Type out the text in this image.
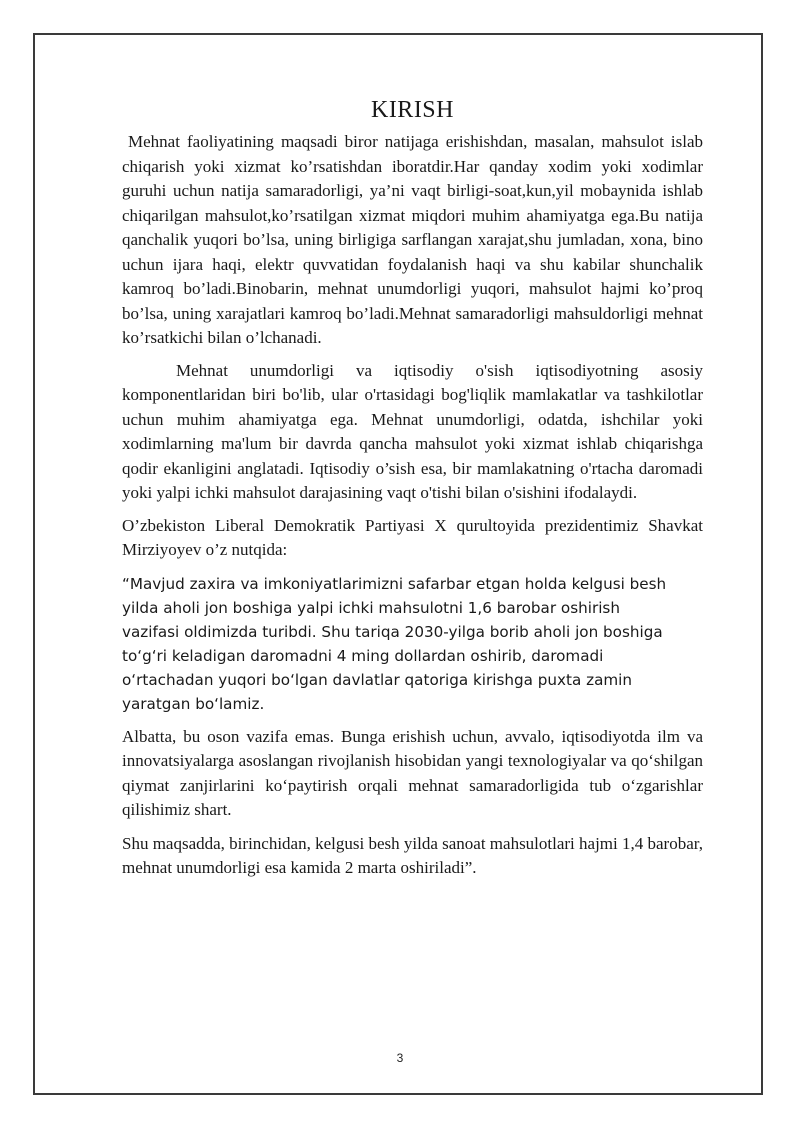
KIRISH

Mehnat faoliyatining maqsadi biror natijaga erishishdan, masalan, mahsulot islab chiqarish yoki xizmat ko’rsatishdan iboratdir.Har qanday xodim yoki xodimlar guruhi uchun natija samaradorligi, ya’ni vaqt birligi-soat,kun,yil mobaynida ishlab chiqarilgan mahsulot,ko’rsatilgan xizmat miqdori muhim ahamiyatga ega.Bu natija qanchalik yuqori bo’lsa, uning birligiga sarflangan xarajat,shu jumladan, xona, bino uchun ijara haqi, elektr quvvatidan foydalanish haqi va shu kabilar shunchalik kamroq bo’ladi.Binobarin, mehnat unumdorligi yuqori, mahsulot hajmi ko’proq bo’lsa, uning xarajatlari kamroq bo’ladi.Mehnat samaradorligi mahsuldorligi mehnat ko’rsatkichi bilan o’lchanadi.

Mehnat unumdorligi va iqtisodiy o'sish iqtisodiyotning asosiy komponentlaridan biri bo'lib, ular o'rtasidagi bog'liqlik mamlakatlar va tashkilotlar uchun muhim ahamiyatga ega. Mehnat unumdorligi, odatda, ishchilar yoki xodimlarning ma'lum bir davrda qancha mahsulot yoki xizmat ishlab chiqarishga qodir ekanligini anglatadi. Iqtisodiy o’sish esa, bir mamlakatning o'rtacha daromadi yoki yalpi ichki mahsulot darajasining vaqt o'tishi bilan o'sishini ifodalaydi.

O’zbekiston Liberal Demokratik Partiyasi X qurultoyida prezidentimiz Shavkat Mirziyoyev o’z nutqida:

“Mavjud zaxira va imkoniyatlarimizni safarbar etgan holda kelgusi besh yilda aholi jon boshiga yalpi ichki mahsulotni 1,6 barobar oshirish vazifasi oldimizda turibdi. Shu tariqa 2030-yilga borib aholi jon boshiga to‘g‘ri keladigan daromadni 4 ming dollardan oshirib, daromadi o‘rtachadan yuqori bo‘lgan davlatlar qatoriga kirishga puxta zamin yaratgan bo‘lamiz.

Albatta, bu oson vazifa emas. Bunga erishish uchun, avvalo, iqtisodiyotda ilm va innovatsiyalarga asoslangan rivojlanish hisobidan yangi texnologiyalar va qo‘shilgan qiymat zanjirlarini ko‘paytirish orqali mehnat samaradorligida tub o‘zgarishlar qilishimiz shart.

Shu maqsadda, birinchidan, kelgusi besh yilda sanoat mahsulotlari hajmi 1,4 barobar, mehnat unumdorligi esa kamida 2 marta oshiriladi”.

3
